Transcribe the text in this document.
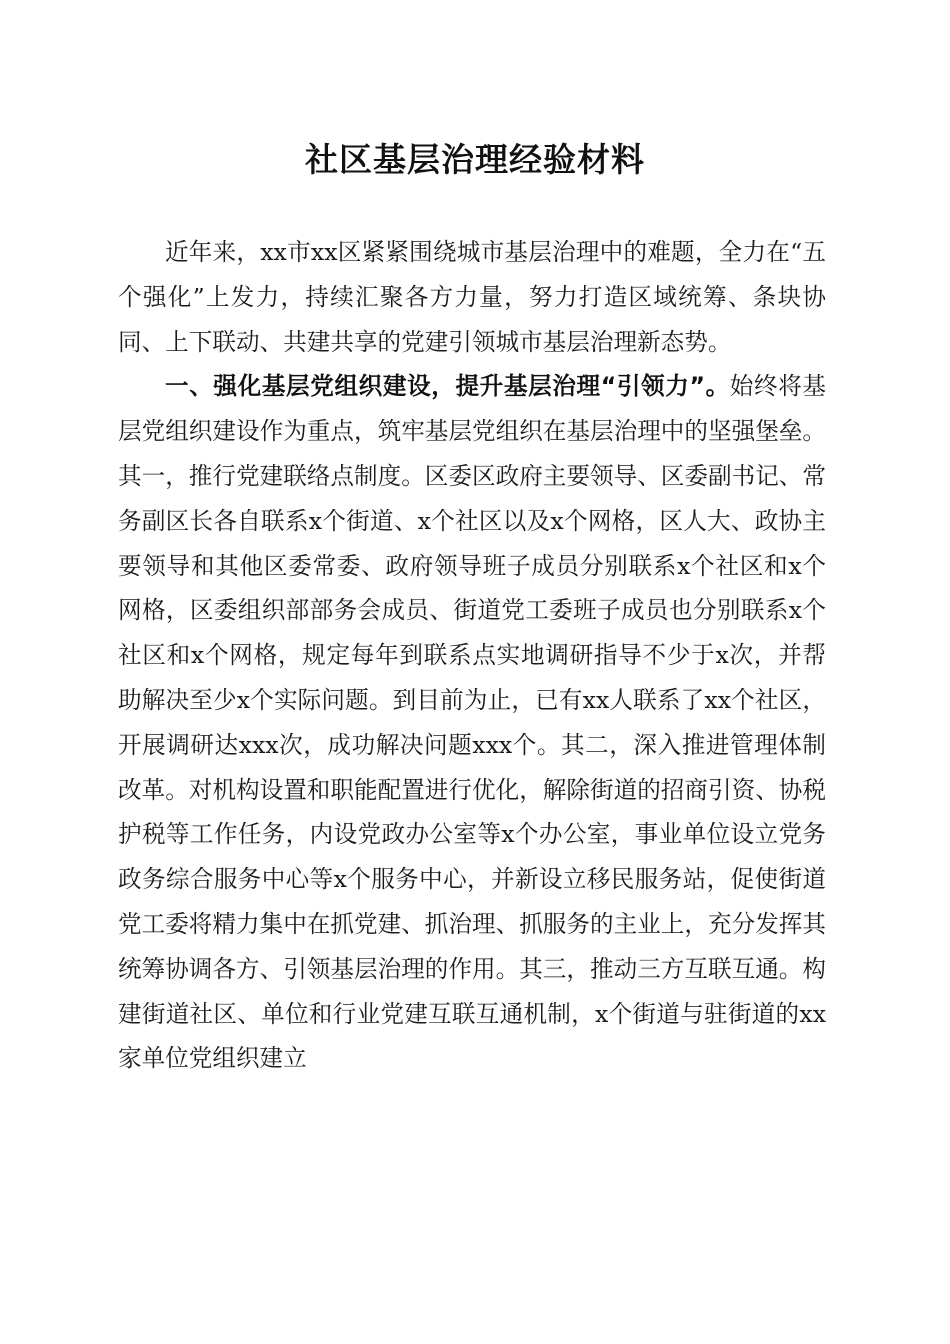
社区基层治理经验材料

近年来，xx市xx区紧紧围绕城市基层治理中的难题，全力在“五个强化”上发力，持续汇聚各方力量，努力打造区域统筹、条块协同、上下联动、共建共享的党建引领城市基层治理新态势。

一、强化基层党组织建设，提升基层治理“引领力”。始终将基层党组织建设作为重点，筑牢基层党组织在基层治理中的坚强堡垒。其一，推行党建联络点制度。区委区政府主要领导、区委副书记、常务副区长各自联系x个街道、x个社区以及x个网格，区人大、政协主要领导和其他区委常委、政府领导班子成员分别联系x个社区和x个网格，区委组织部部务会成员、街道党工委班子成员也分别联系x个社区和x个网格，规定每年到联系点实地调研指导不少于x次，并帮助解决至少x个实际问题。到目前为止，已有xx人联系了xx个社区，开展调研达xxx次，成功解决问题xxx个。其二，深入推进管理体制改革。对机构设置和职能配置进行优化，解除街道的招商引资、协税护税等工作任务，内设党政办公室等x个办公室，事业单位设立党务政务综合服务中心等x个服务中心，并新设立移民服务站，促使街道党工委将精力集中在抓党建、抓治理、抓服务的主业上，充分发挥其统筹协调各方、引领基层治理的作用。其三，推动三方互联互通。构建街道社区、单位和行业党建互联互通机制，x个街道与驻街道的xx家单位党组织建立
